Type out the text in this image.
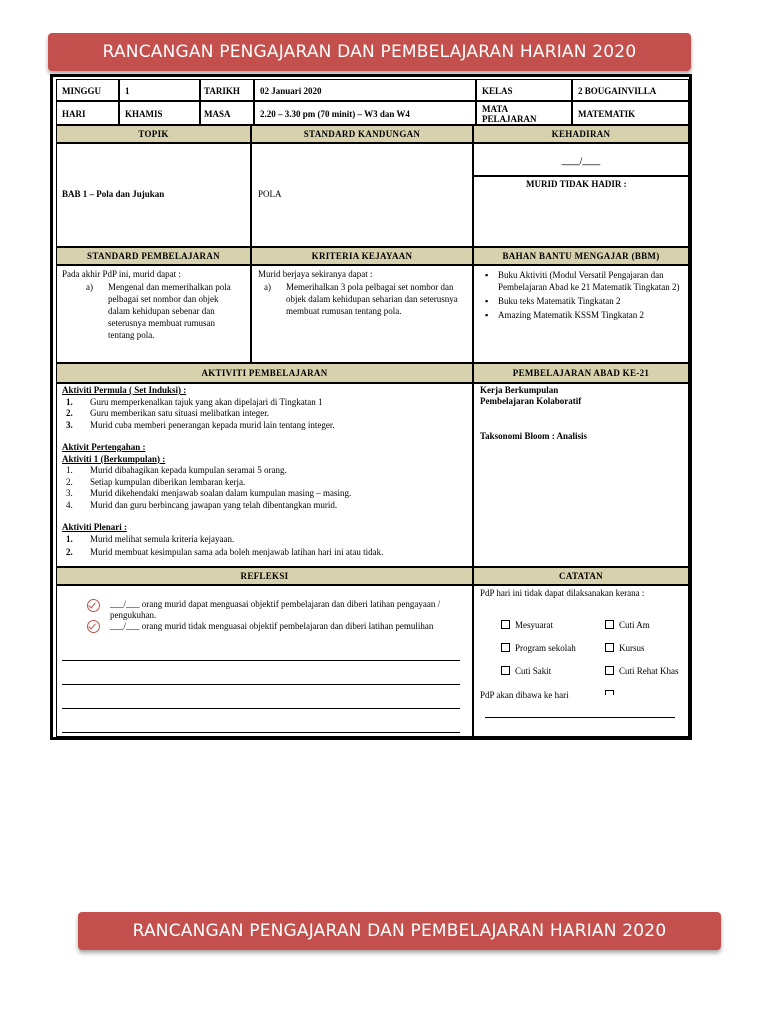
RANCANGAN PENGAJARAN DAN PEMBELAJARAN HARIAN 2020
MINGGU	1	TARIKH	02 Januari 2020	KELAS	2 BOUGAINVILLA
HARI	KHAMIS	MASA	2.20 – 3.30 pm (70 minit) – W3 dan W4	MATA PELAJARAN	MATEMATIK
TOPIK	STANDARD KANDUNGAN	KEHADIRAN
BAB 1 – Pola dan Jujukan	POLA
____/____
MURID TIDAK HADIR :
STANDARD PEMBELAJARAN	KRITERIA KEJAYAAN	BAHAN BANTU MENGAJAR (BBM)
Pada akhir PdP ini, murid dapat :
a) Mengenal dan memerihalkan pola pelbagai set nombor dan objek dalam kehidupan sebenar dan seterusnya membuat rumusan tentang pola.
Murid berjaya sekiranya dapat :
a) Memerihalkan 3 pola pelbagai set nombor dan objek dalam kehidupan seharian dan seterusnya membuat rumusan tentang pola.
▪ Buku Aktiviti (Modul Versatil Pengajaran dan Pembelajaran Abad ke 21 Matematik Tingkatan 2)
▪ Buku teks Matematik Tingkatan 2
▪ Amazing Matematik KSSM Tingkatan 2
AKTIVITI PEMBELAJARAN	PEMBELAJARAN ABAD KE-21
Aktiviti Permula ( Set Induksi) :
1. Guru memperkenalkan tajuk yang akan dipelajari di Tingkatan 1
2. Guru memberikan satu situasi melibatkan integer.
3. Murid cuba memberi penerangan kepada murid lain tentang integer.
Aktivit Pertengahan :
Aktiviti 1 (Berkumpulan) :
1. Murid dibahagikan kepada kumpulan seramai 5 orang.
2. Setiap kumpulan diberikan lembaran kerja.
3. Murid dikehendaki menjawab soalan dalam kumpulan masing – masing.
4. Murid dan guru berbincang jawapan yang telah dibentangkan murid.
Aktiviti Plenari :
1. Murid melihat semula kriteria kejayaan.
2. Murid membuat kesimpulan sama ada boleh menjawab latihan hari ini atau tidak.
Kerja Berkumpulan
Pembelajaran Kolaboratif
Taksonomi Bloom : Analisis
REFLEKSI	CATATAN
___/___ orang murid dapat menguasai objektif pembelajaran dan diberi latihan pengayaan / pengukuhan.
___/___ orang murid tidak menguasai objektif pembelajaran dan diberi latihan pemulihan
PdP hari ini tidak dapat dilaksanakan kerana :
Mesyuarat	Cuti Am
Program sekolah	Kursus
Cuti Sakit	Cuti Rehat Khas
PdP akan dibawa ke hari
RANCANGAN PENGAJARAN DAN PEMBELAJARAN HARIAN 2020
